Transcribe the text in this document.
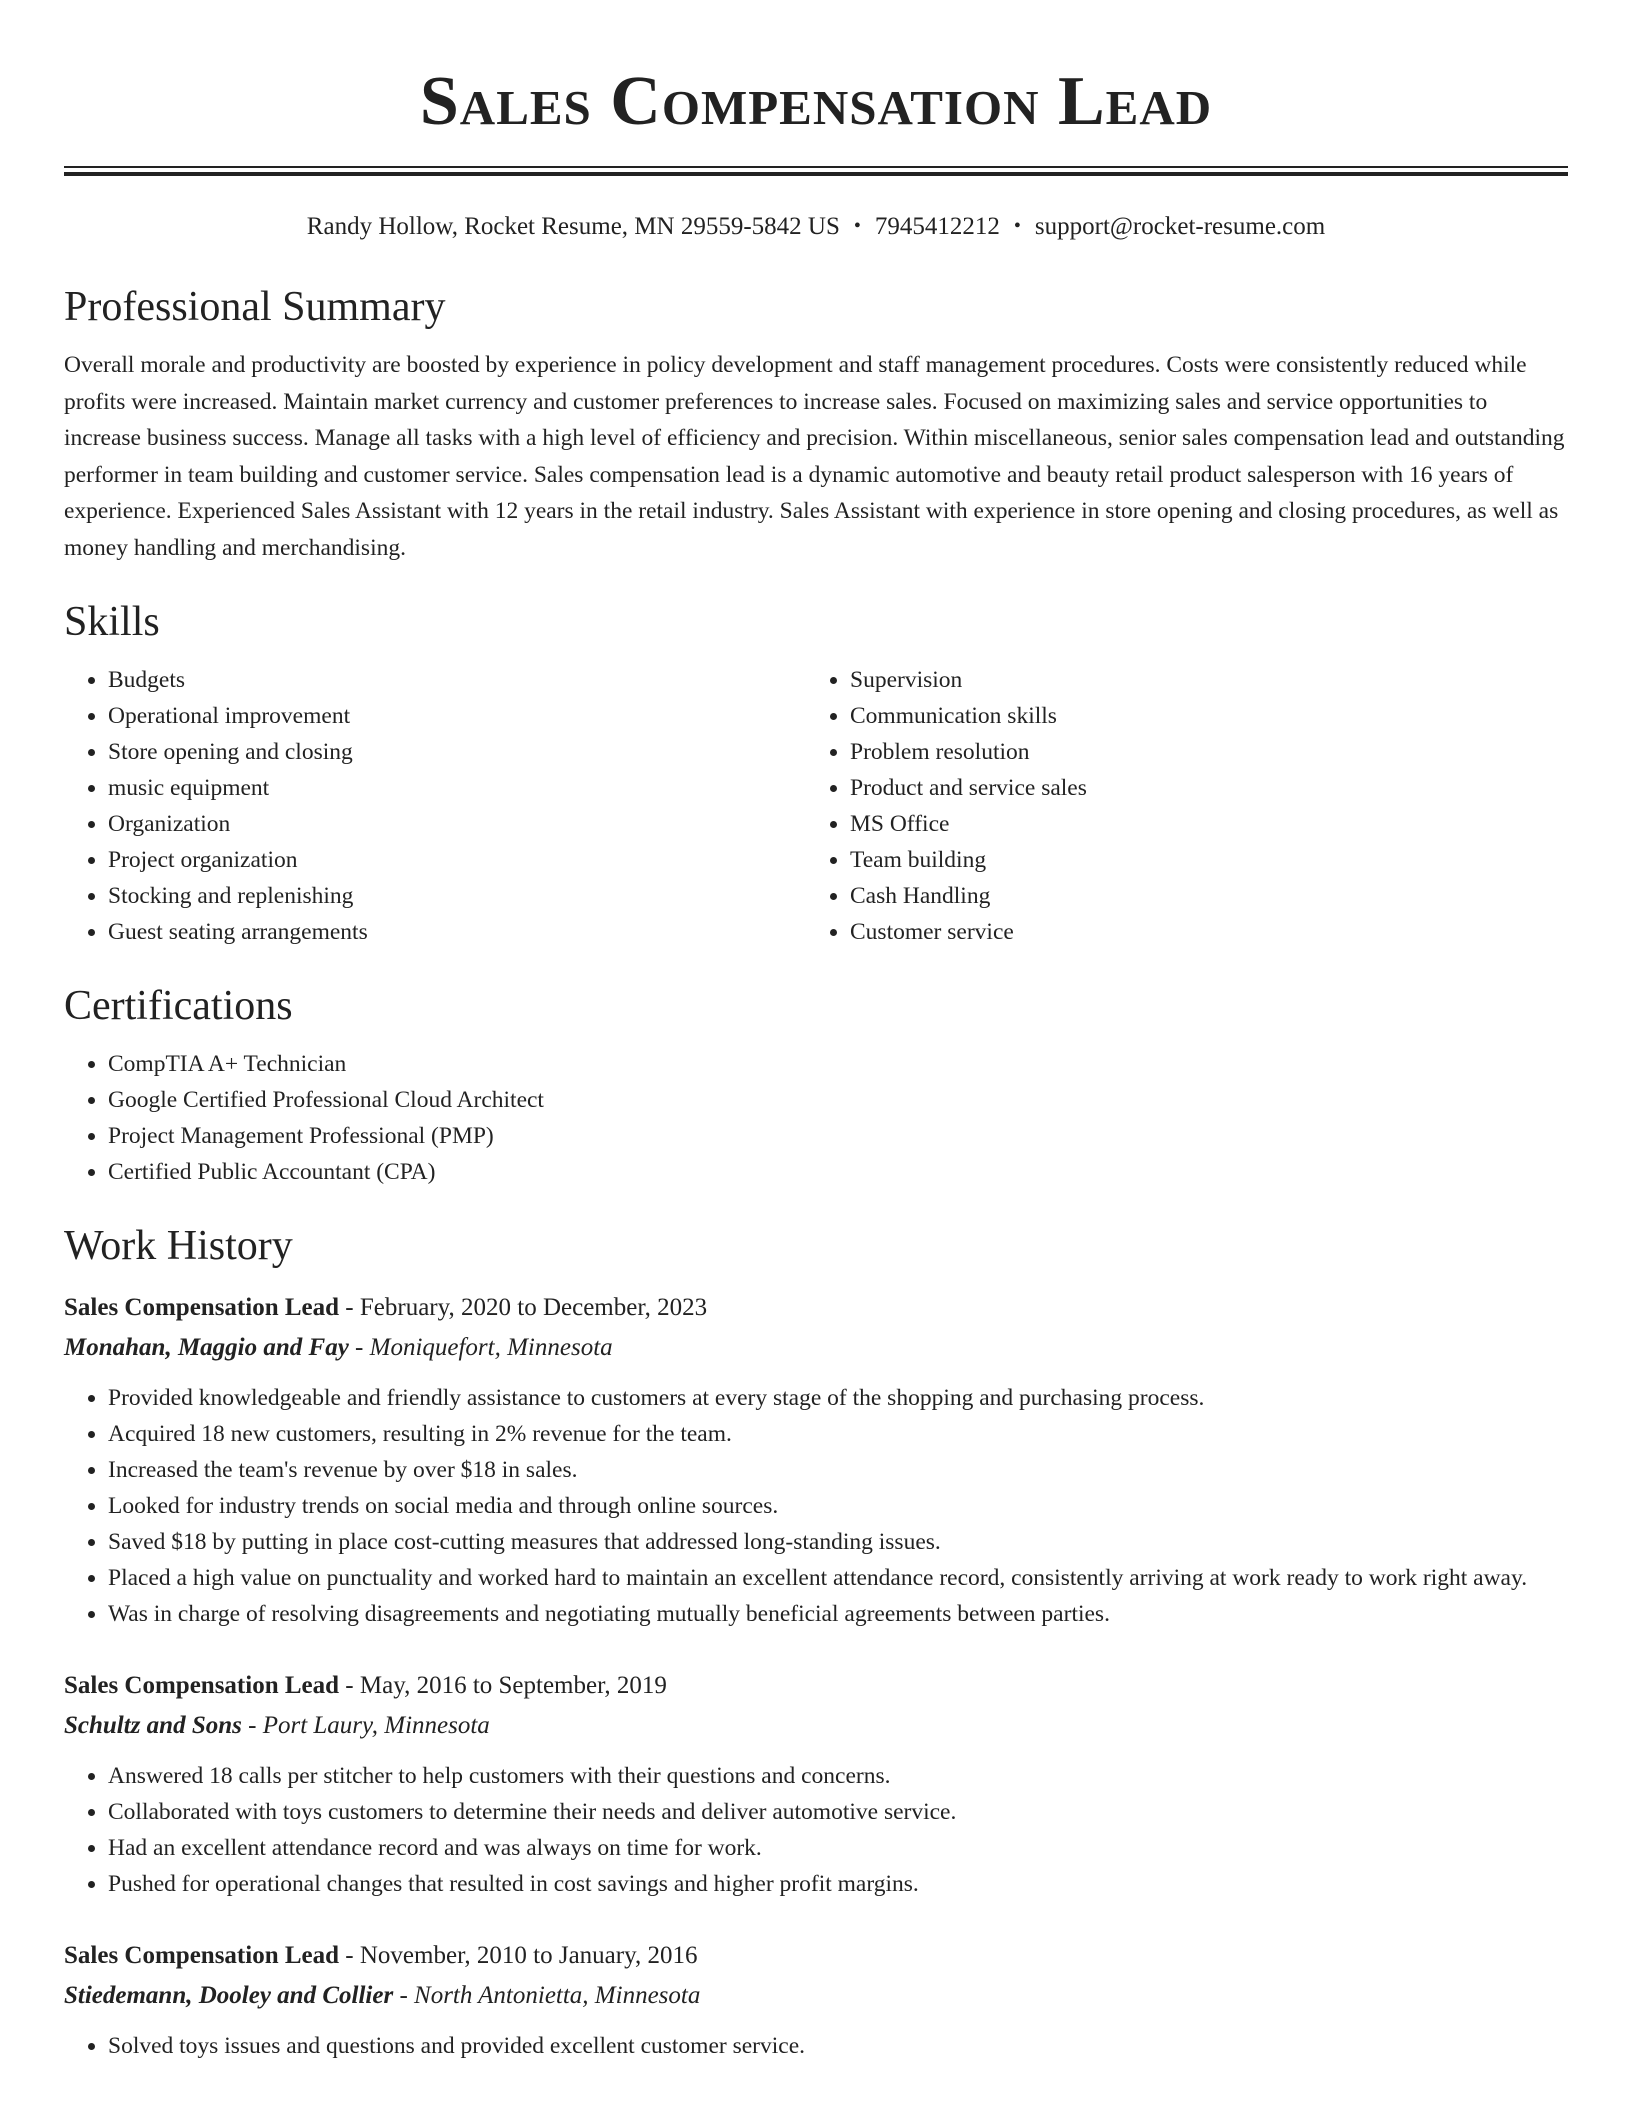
Sales Compensation Lead
Randy Hollow, Rocket Resume, MN 29559-5842 US • 7945412212 • support@rocket-resume.com
Professional Summary

Overall morale and productivity are boosted by experience in policy development and staff management procedures. Costs were consistently reduced while profits were increased. Maintain market currency and customer preferences to increase sales. Focused on maximizing sales and service opportunities to increase business success. Manage all tasks with a high level of efficiency and precision. Within miscellaneous, senior sales compensation lead and outstanding performer in team building and customer service. Sales compensation lead is a dynamic automotive and beauty retail product salesperson with 16 years of experience. Experienced Sales Assistant with 12 years in the retail industry. Sales Assistant with experience in store opening and closing procedures, as well as money handling and merchandising.

Skills
• Budgets
• Operational improvement
• Store opening and closing
• music equipment
• Organization
• Project organization
• Stocking and replenishing
• Guest seating arrangements
• Supervision
• Communication skills
• Problem resolution
• Product and service sales
• MS Office
• Team building
• Cash Handling
• Customer service
Certifications
• CompTIA A+ Technician
• Google Certified Professional Cloud Architect
• Project Management Professional (PMP)
• Certified Public Accountant (CPA)
Work History
Sales Compensation Lead - February, 2020 to December, 2023
Monahan, Maggio and Fay - Moniquefort, Minnesota
• Provided knowledgeable and friendly assistance to customers at every stage of the shopping and purchasing process.
• Acquired 18 new customers, resulting in 2% revenue for the team.
• Increased the team's revenue by over $18 in sales.
• Looked for industry trends on social media and through online sources.
• Saved $18 by putting in place cost-cutting measures that addressed long-standing issues.
• Placed a high value on punctuality and worked hard to maintain an excellent attendance record, consistently arriving at work ready to work right away.
• Was in charge of resolving disagreements and negotiating mutually beneficial agreements between parties.
Sales Compensation Lead - May, 2016 to September, 2019
Schultz and Sons - Port Laury, Minnesota
• Answered 18 calls per stitcher to help customers with their questions and concerns.
• Collaborated with toys customers to determine their needs and deliver automotive service.
• Had an excellent attendance record and was always on time for work.
• Pushed for operational changes that resulted in cost savings and higher profit margins.
Sales Compensation Lead - November, 2010 to January, 2016
Stiedemann, Dooley and Collier - North Antonietta, Minnesota
• Solved toys issues and questions and provided excellent customer service.
